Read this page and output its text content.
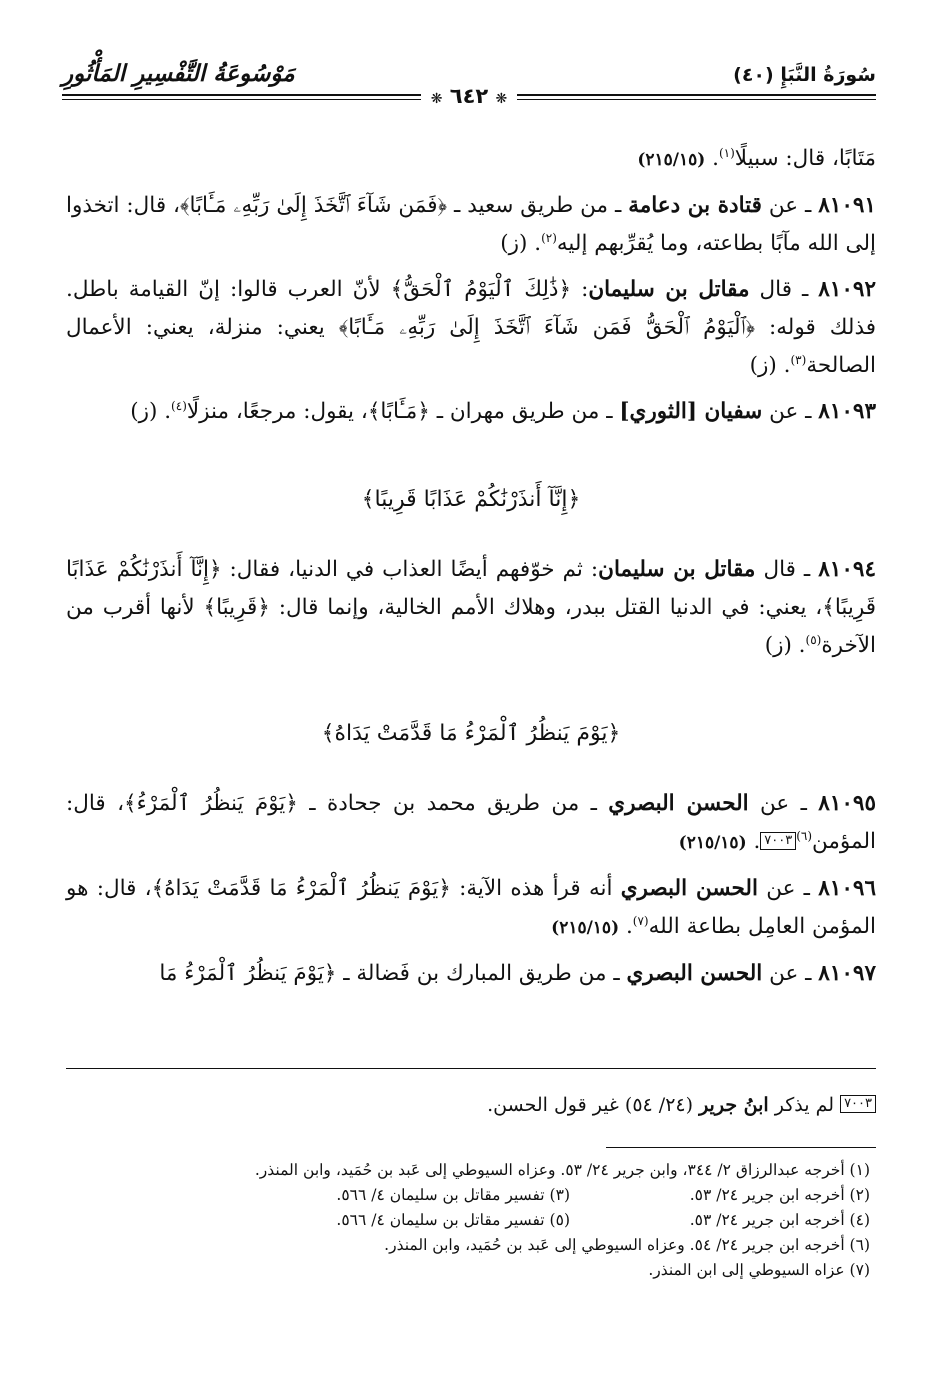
سُورَةُ النَّبَإِ (٤٠)
مَوْسُوعَةُ التَّفْسِيرِ المَأْثُورِ
❋ ٦٤٢ ❋

مَتَابًا، قال: سبيلًا$^{(١)}$. (٢١٥/١٥)

٨١٠٩١ ـ عن قتادة بن دعامة ـ من طريق سعيد ـ ﴿فَمَن شَآءَ ٱتَّخَذَ إِلَىٰ رَبِّهِۦ مَـَٔابًا﴾، قال: اتخذوا إلى الله مآبًا بطاعته، وما يُقرِّبهم إليه$^{(٢)}$. (ز)

٨١٠٩٢ ـ قال مقاتل بن سليمان: ﴿ذَٰلِكَ ٱلْيَوْمُ ٱلْحَقُّ﴾ لأنّ العرب قالوا: إنّ القيامة باطل. فذلك قوله: ﴿ٱلْيَوْمُ ٱلْحَقُّ فَمَن شَآءَ ٱتَّخَذَ إِلَىٰ رَبِّهِۦ مَـَٔابًا﴾ يعني: منزلة، يعني: الأعمال الصالحة$^{(٣)}$. (ز)

٨١٠٩٣ ـ عن سفيان [الثوري] ـ من طريق مهران ـ ﴿مَـَٔابًا﴾، يقول: مرجعًا، منزلًا$^{(٤)}$. (ز)

﴿إِنَّآ أَنذَرْنَٰكُمْ عَذَابًا قَرِيبًا﴾

٨١٠٩٤ ـ قال مقاتل بن سليمان: ثم خوّفهم أيضًا العذاب في الدنيا، فقال: ﴿إِنَّآ أَنذَرْنَٰكُمْ عَذَابًا قَرِيبًا﴾، يعني: في الدنيا القتل ببدر، وهلاك الأمم الخالية، وإنما قال: ﴿قَرِيبًا﴾ لأنها أقرب من الآخرة$^{(٥)}$. (ز)

﴿يَوْمَ يَنظُرُ ٱلْمَرْءُ مَا قَدَّمَتْ يَدَاهُ﴾

٨١٠٩٥ ـ عن الحسن البصري ـ من طريق محمد بن جحادة ـ ﴿يَوْمَ يَنظُرُ ٱلْمَرْءُ﴾، قال: المؤمن$^{(٦)}$٧٠٠٣. (٢١٥/١٥)

٨١٠٩٦ ـ عن الحسن البصري أنه قرأ هذه الآية: ﴿يَوْمَ يَنظُرُ ٱلْمَرْءُ مَا قَدَّمَتْ يَدَاهُ﴾، قال: هو المؤمن العامِل بطاعة الله$^{(٧)}$. (٢١٥/١٥)

٨١٠٩٧ ـ عن الحسن البصري ـ من طريق المبارك بن فَضالة ـ ﴿يَوْمَ يَنظُرُ ٱلْمَرْءُ مَا

٧٠٠٣ لم يذكر ابنُ جرير (٢٤/ ٥٤) غير قول الحسن.
(١) أخرجه عبدالرزاق ٢/ ٣٤٤، وابن جرير ٢٤/ ٥٣. وعزاه السيوطي إلى عَبد بن حُمَيد، وابن المنذر.
(٢) أخرجه ابن جرير ٢٤/ ٥٣.
(٣) تفسير مقاتل بن سليمان ٤/ ٥٦٦.
(٤) أخرجه ابن جرير ٢٤/ ٥٣.
(٥) تفسير مقاتل بن سليمان ٤/ ٥٦٦.
(٦) أخرجه ابن جرير ٢٤/ ٥٤. وعزاه السيوطي إلى عَبد بن حُمَيد، وابن المنذر.
(٧) عزاه السيوطي إلى ابن المنذر.
